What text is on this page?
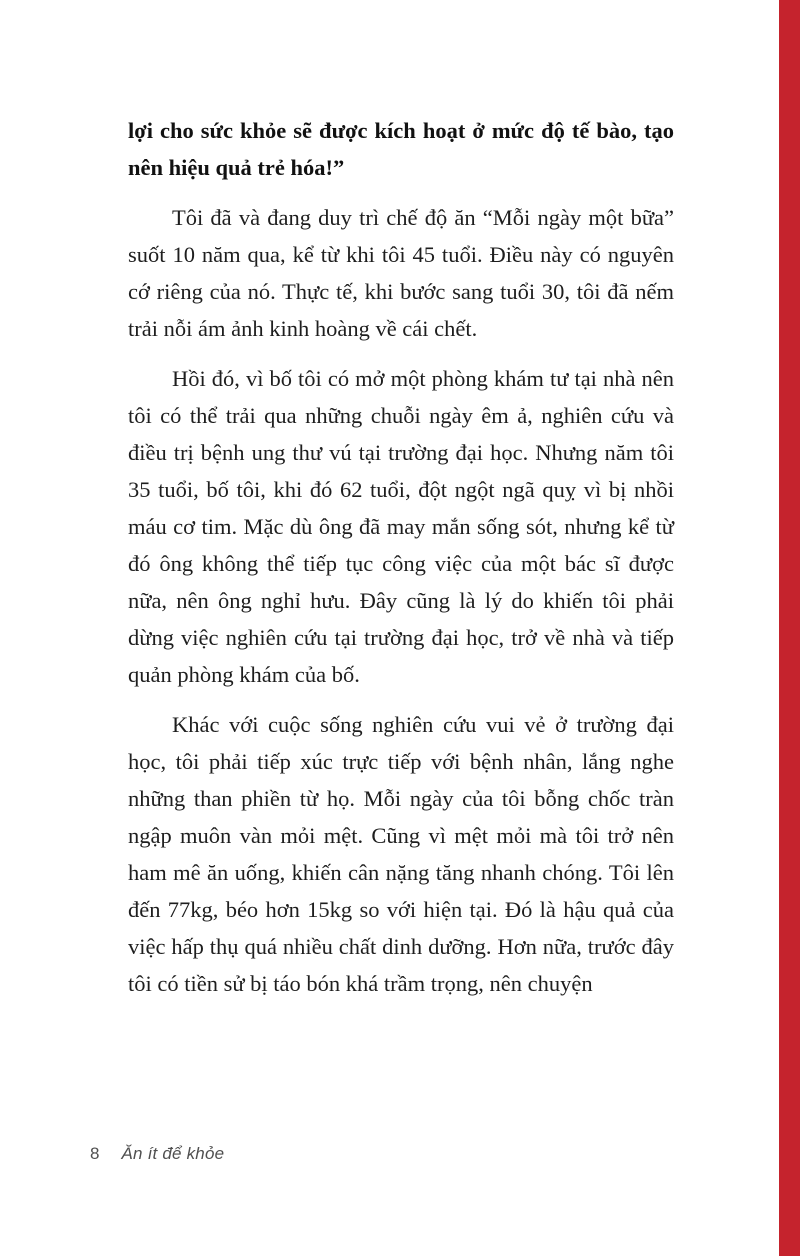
lợi cho sức khỏe sẽ được kích hoạt ở mức độ tế bào, tạo nên hiệu quả trẻ hóa!”

Tôi đã và đang duy trì chế độ ăn “Mỗi ngày một bữa” suốt 10 năm qua, kể từ khi tôi 45 tuổi. Điều này có nguyên cớ riêng của nó. Thực tế, khi bước sang tuổi 30, tôi đã nếm trải nỗi ám ảnh kinh hoàng về cái chết.

Hồi đó, vì bố tôi có mở một phòng khám tư tại nhà nên tôi có thể trải qua những chuỗi ngày êm ả, nghiên cứu và điều trị bệnh ung thư vú tại trường đại học. Nhưng năm tôi 35 tuổi, bố tôi, khi đó 62 tuổi, đột ngột ngã quỵ vì bị nhồi máu cơ tim. Mặc dù ông đã may mắn sống sót, nhưng kể từ đó ông không thể tiếp tục công việc của một bác sĩ được nữa, nên ông nghỉ hưu. Đây cũng là lý do khiến tôi phải dừng việc nghiên cứu tại trường đại học, trở về nhà và tiếp quản phòng khám của bố.

Khác với cuộc sống nghiên cứu vui vẻ ở trường đại học, tôi phải tiếp xúc trực tiếp với bệnh nhân, lắng nghe những than phiền từ họ. Mỗi ngày của tôi bỗng chốc tràn ngập muôn vàn mỏi mệt. Cũng vì mệt mỏi mà tôi trở nên ham mê ăn uống, khiến cân nặng tăng nhanh chóng. Tôi lên đến 77kg, béo hơn 15kg so với hiện tại. Đó là hậu quả của việc hấp thụ quá nhiều chất dinh dưỡng. Hơn nữa, trước đây tôi có tiền sử bị táo bón khá trầm trọng, nên chuyện

8 Ăn ít để khỏe
